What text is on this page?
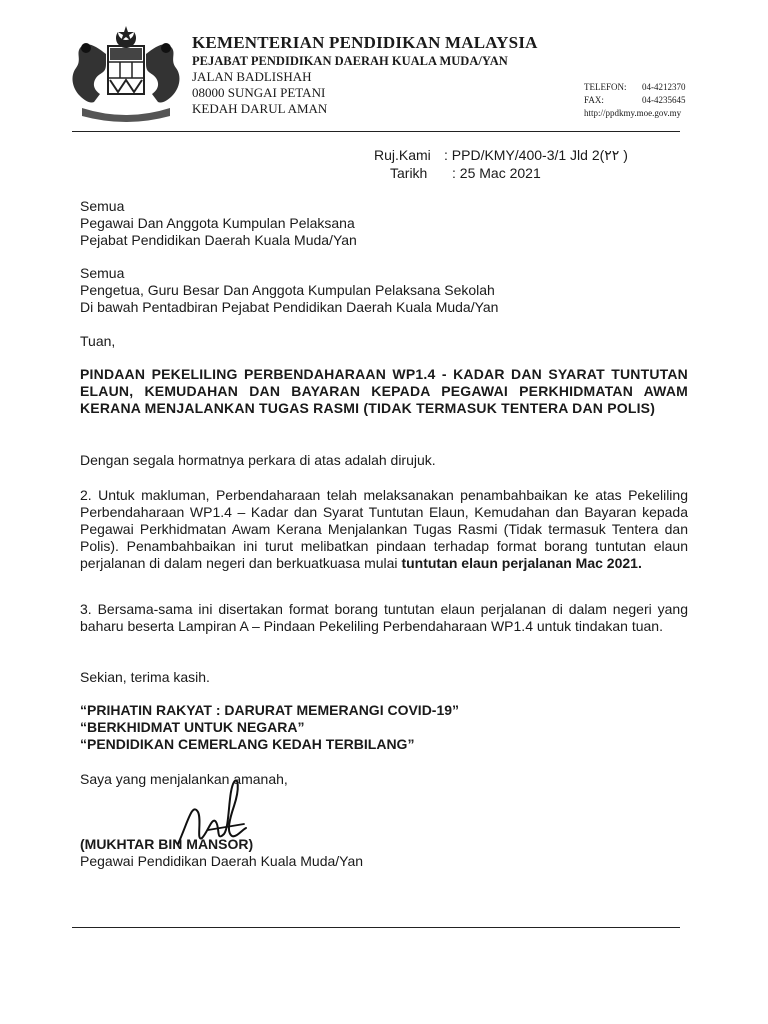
KEMENTERIAN PENDIDIKAN MALAYSIA
PEJABAT PENDIDIKAN DAERAH KUALA MUDA/YAN
JALAN BADLISHAH
08000 SUNGAI PETANI
KEDAH DARUL AMAN
TELEFON:	04-4212370
FAX:	04-4235645
http://ppdkmy.moe.gov.my
Ruj.Kami : PPD/KMY/400-3/1 Jld 2(۲۲ )
Tarikh	: 25 Mac 2021
Semua
Pegawai Dan Anggota Kumpulan Pelaksana
Pejabat Pendidikan Daerah Kuala Muda/Yan
Semua
Pengetua, Guru Besar Dan Anggota Kumpulan Pelaksana Sekolah
Di bawah Pentadbiran Pejabat Pendidikan Daerah Kuala Muda/Yan
Tuan,
PINDAAN PEKELILING PERBENDAHARAAN WP1.4 - KADAR DAN SYARAT TUNTUTAN ELAUN, KEMUDAHAN DAN BAYARAN KEPADA PEGAWAI PERKHIDMATAN AWAM KERANA MENJALANKAN TUGAS RASMI (TIDAK TERMASUK TENTERA DAN POLIS)
Dengan segala hormatnya perkara di atas adalah dirujuk.
2. Untuk makluman, Perbendaharaan telah melaksanakan penambahbaikan ke atas Pekeliling Perbendaharaan WP1.4 – Kadar dan Syarat Tuntutan Elaun, Kemudahan dan Bayaran kepada Pegawai Perkhidmatan Awam Kerana Menjalankan Tugas Rasmi (Tidak termasuk Tentera dan Polis). Penambahbaikan ini turut melibatkan pindaan terhadap format borang tuntutan elaun perjalanan di dalam negeri dan berkuatkuasa mulai tuntutan elaun perjalanan Mac 2021.
3. Bersama-sama ini disertakan format borang tuntutan elaun perjalanan di dalam negeri yang baharu beserta Lampiran A – Pindaan Pekeliling Perbendaharaan WP1.4 untuk tindakan tuan.
Sekian, terima kasih.
“PRIHATIN RAKYAT : DARURAT MEMERANGI COVID-19”
“BERKHIDMAT UNTUK NEGARA”
“PENDIDIKAN CEMERLANG KEDAH TERBILANG”
Saya yang menjalankan amanah,
(MUKHTAR BIN MANSOR)
Pegawai Pendidikan Daerah Kuala Muda/Yan
